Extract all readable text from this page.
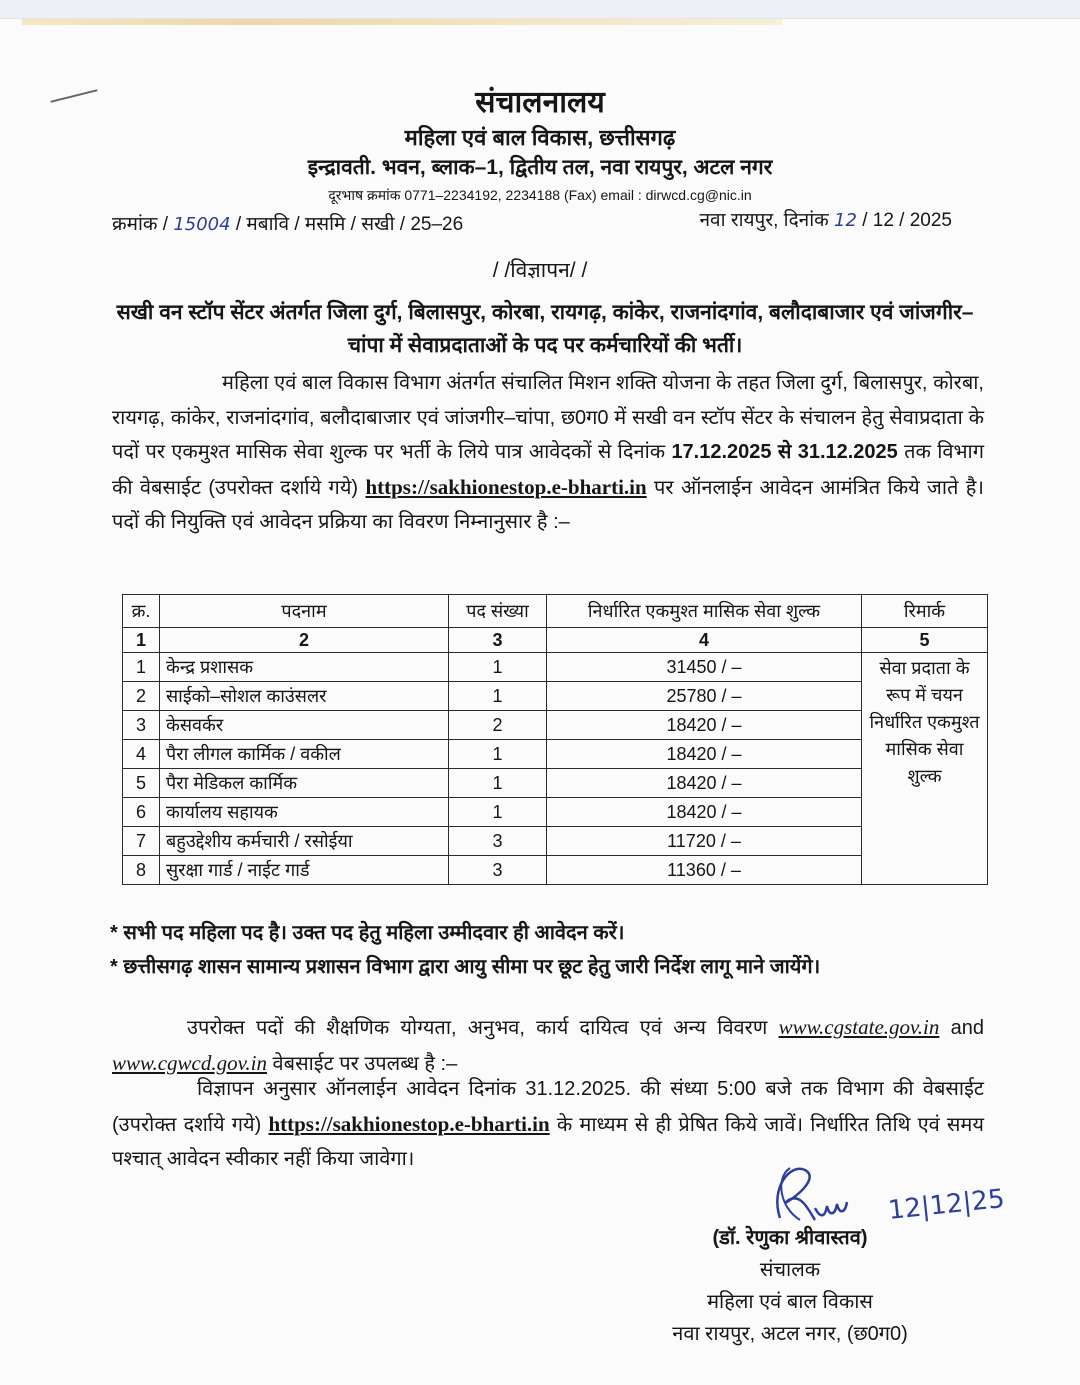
संचालनालय
महिला एवं बाल विकास, छत्तीसगढ़
इन्द्रावती. भवन, ब्लाक–1, द्वितीय तल, नवा रायपुर, अटल नगर
दूरभाष क्रमांक 0771–2234192, 2234188 (Fax) email : dirwcd.cg@nic.in
क्रमांक / 15004 / मबावि / मसमि / सखी / 25–26	नवा रायपुर, दिनांक 12 / 12 / 2025
/ /विज्ञापन/ /
सखी वन स्टॉप सेंटर अंतर्गत जिला दुर्ग, बिलासपुर, कोरबा, रायगढ़, कांकेर, राजनांदगांव, बलौदाबाजार एवं जांजगीर–चांपा में सेवाप्रदाताओं के पद पर कर्मचारियों की भर्ती।
महिला एवं बाल विकास विभाग अंतर्गत संचालित मिशन शक्ति योजना के तहत जिला दुर्ग, बिलासपुर, कोरबा, रायगढ़, कांकेर, राजनांदगांव, बलौदाबाजार एवं जांजगीर–चांपा, छ0ग0 में सखी वन स्टॉप सेंटर के संचालन हेतु सेवाप्रदाता के पदों पर एकमुश्त मासिक सेवा शुल्क पर भर्ती के लिये पात्र आवेदकों से दिनांक 17.12.2025 से 31.12.2025 तक विभाग की वेबसाईट (उपरोक्त दर्शाये गये) https://sakhionestop.e-bharti.in पर ऑनलाईन आवेदन आमंत्रित किये जाते है। पदों की नियुक्ति एवं आवेदन प्रक्रिया का विवरण निम्नानुसार है :–
क्र.	पदनाम	पद संख्या	निर्धारित एकमुश्त मासिक सेवा शुल्क	रिमार्क
1	2	3	4	5
1	केन्द्र प्रशासक	1	31450 / –	सेवा प्रदाता के रूप में चयन निर्धारित एकमुश्त मासिक सेवा शुल्क
2	साईको–सोशल काउंसलर	1	25780 / –	
3	केसवर्कर	2	18420 / –	
4	पैरा लीगल कार्मिक / वकील	1	18420 / –	
5	पैरा मेडिकल कार्मिक	1	18420 / –	
6	कार्यालय सहायक	1	18420 / –	
7	बहुउद्देशीय कर्मचारी / रसोईया	3	11720 / –	
8	सुरक्षा गार्ड / नाईट गार्ड	3	11360 / –	
* सभी पद महिला पद है। उक्त पद हेतु महिला उम्मीदवार ही आवेदन करें।
* छत्तीसगढ़ शासन सामान्य प्रशासन विभाग द्वारा आयु सीमा पर छूट हेतु जारी निर्देश लागू माने जायेंगे।
उपरोक्त पदों की शैक्षणिक योग्यता, अनुभव, कार्य दायित्व एवं अन्य विवरण www.cgstate.gov.in and www.cgwcd.gov.in वेबसाईट पर उपलब्ध है :–
विज्ञापन अनुसार ऑनलाईन आवेदन दिनांक 31.12.2025. की संध्या 5:00 बजे तक विभाग की वेबसाईट (उपरोक्त दर्शाये गये) https://sakhionestop.e-bharti.in के माध्यम से ही प्रेषित किये जावें। निर्धारित तिथि एवं समय पश्चात् आवेदन स्वीकार नहीं किया जावेगा।
12|12|25
(डॉ. रेणुका श्रीवास्तव)
संचालक
महिला एवं बाल विकास
नवा रायपुर, अटल नगर, (छ0ग0)
